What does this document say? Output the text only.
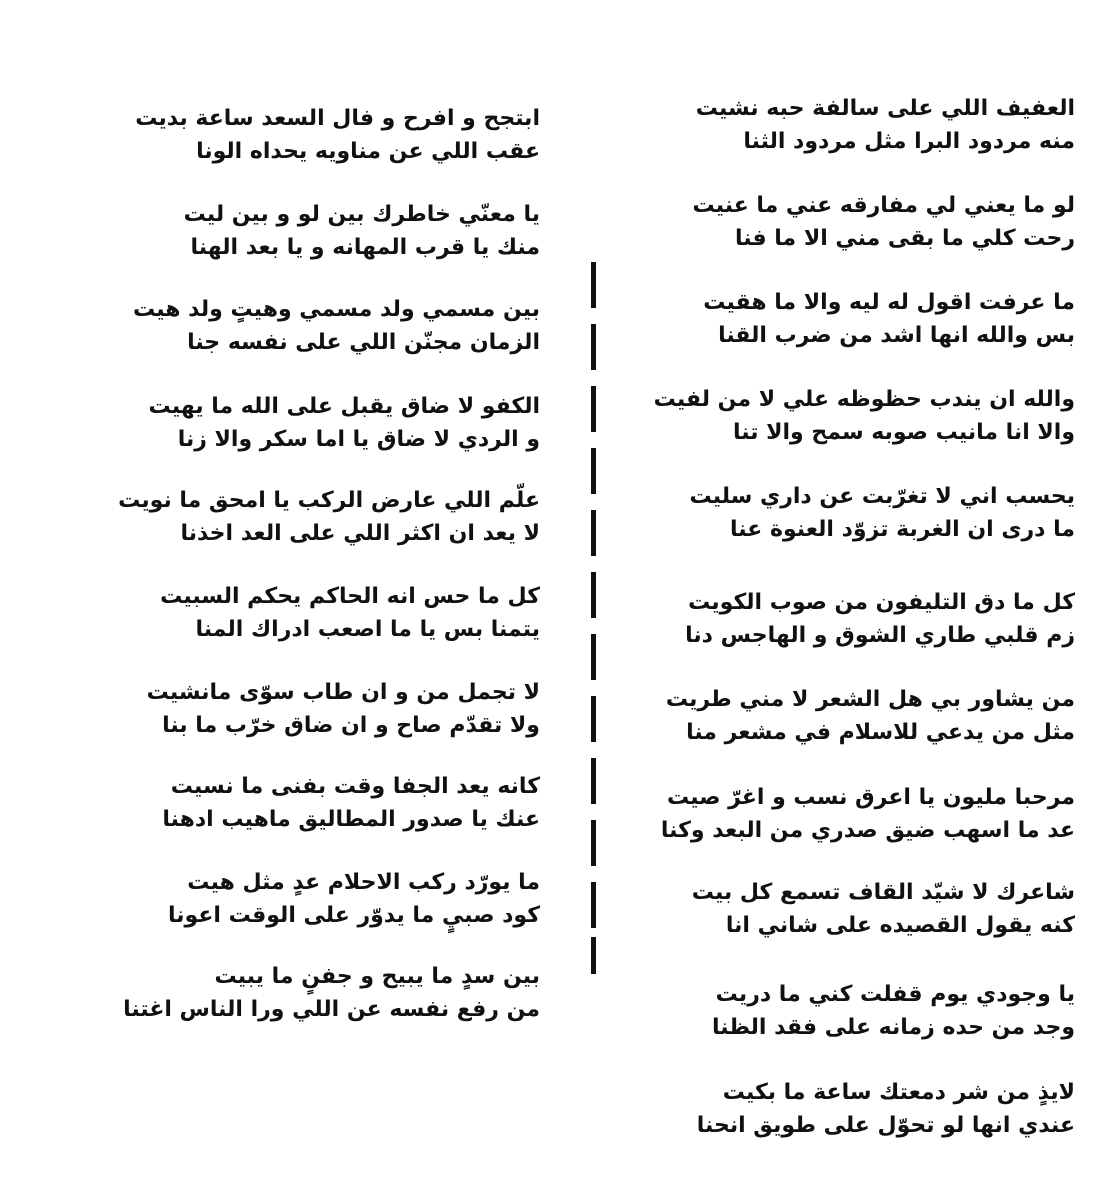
العفيف اللي على سالفة حبه نشيت
منه مردود البرا مثل مردود الثنا
لو ما يعني لي مفارقه عني ما عنيت
رحت كلي ما بقى مني الا ما فنا
ما عرفت اقول له ليه والا ما هقيت
بس والله انها اشد من ضرب القنا
والله ان يندب حظوظه علي لا من لفيت
والا انا مانيب صوبه سمح والا تنا
يحسب اني لا تغرّبت عن داري سليت
ما درى ان الغربة تزوّد العنوة عنا
كل ما دق التليفون من صوب الكويت
زم قلبي طاري الشوق و الهاجس دنا
من يشاور بي هل الشعر لا مني طريت
مثل من يدعي للاسلام في مشعر منا
مرحبا مليون يا اعرق نسب و اغرّ صيت
عد ما اسهب ضيق صدري من البعد وكنا
شاعرك لا شيّد القاف تسمع كل بيت
كنه يقول القصيده على شاني انا
يا وجودي يوم قفلت كني ما دريت
وجد من حده زمانه على فقد الظنا
لايذٍ من شر دمعتك ساعة ما بكيت
عندي انها لو تحوّل على طويق انحنا
ابتجح و افرح و فال السعد ساعة بديت
عقب اللي عن مناويه يحداه الونا
يا معنّي خاطرك بين لو و بين ليت
منك يا قرب المهانه و يا بعد الهنا
بين مسمي ولد مسمي وهيتٍ ولد هيت
الزمان مجنّن اللي على نفسه جنا
الكفو لا ضاق يقبل على الله ما يهيت
و الردي لا ضاق يا اما سكر والا زنا
علّم اللي عارض الركب يا امحق ما نويت
لا يعد ان اكثر اللي على العد اخذنا
كل ما حس انه الحاكم يحكم السبيت
يتمنا بس يا ما اصعب ادراك المنا
لا تجمل من و ان طاب سوّى مانشيت
ولا تقدّم صاح و ان ضاق خرّب ما بنا
كانه يعد الجفا وقت بفنى ما نسيت
عنك يا صدور المطاليق ماهيب ادهنا
ما يورّد ركب الاحلام عدٍ مثل هيت
كود صبيٍ ما يدوّر على الوقت اعونا
بين سدٍ ما يبيح و جفنٍ ما يبيت
من رفع نفسه عن اللي ورا الناس اغتنا
